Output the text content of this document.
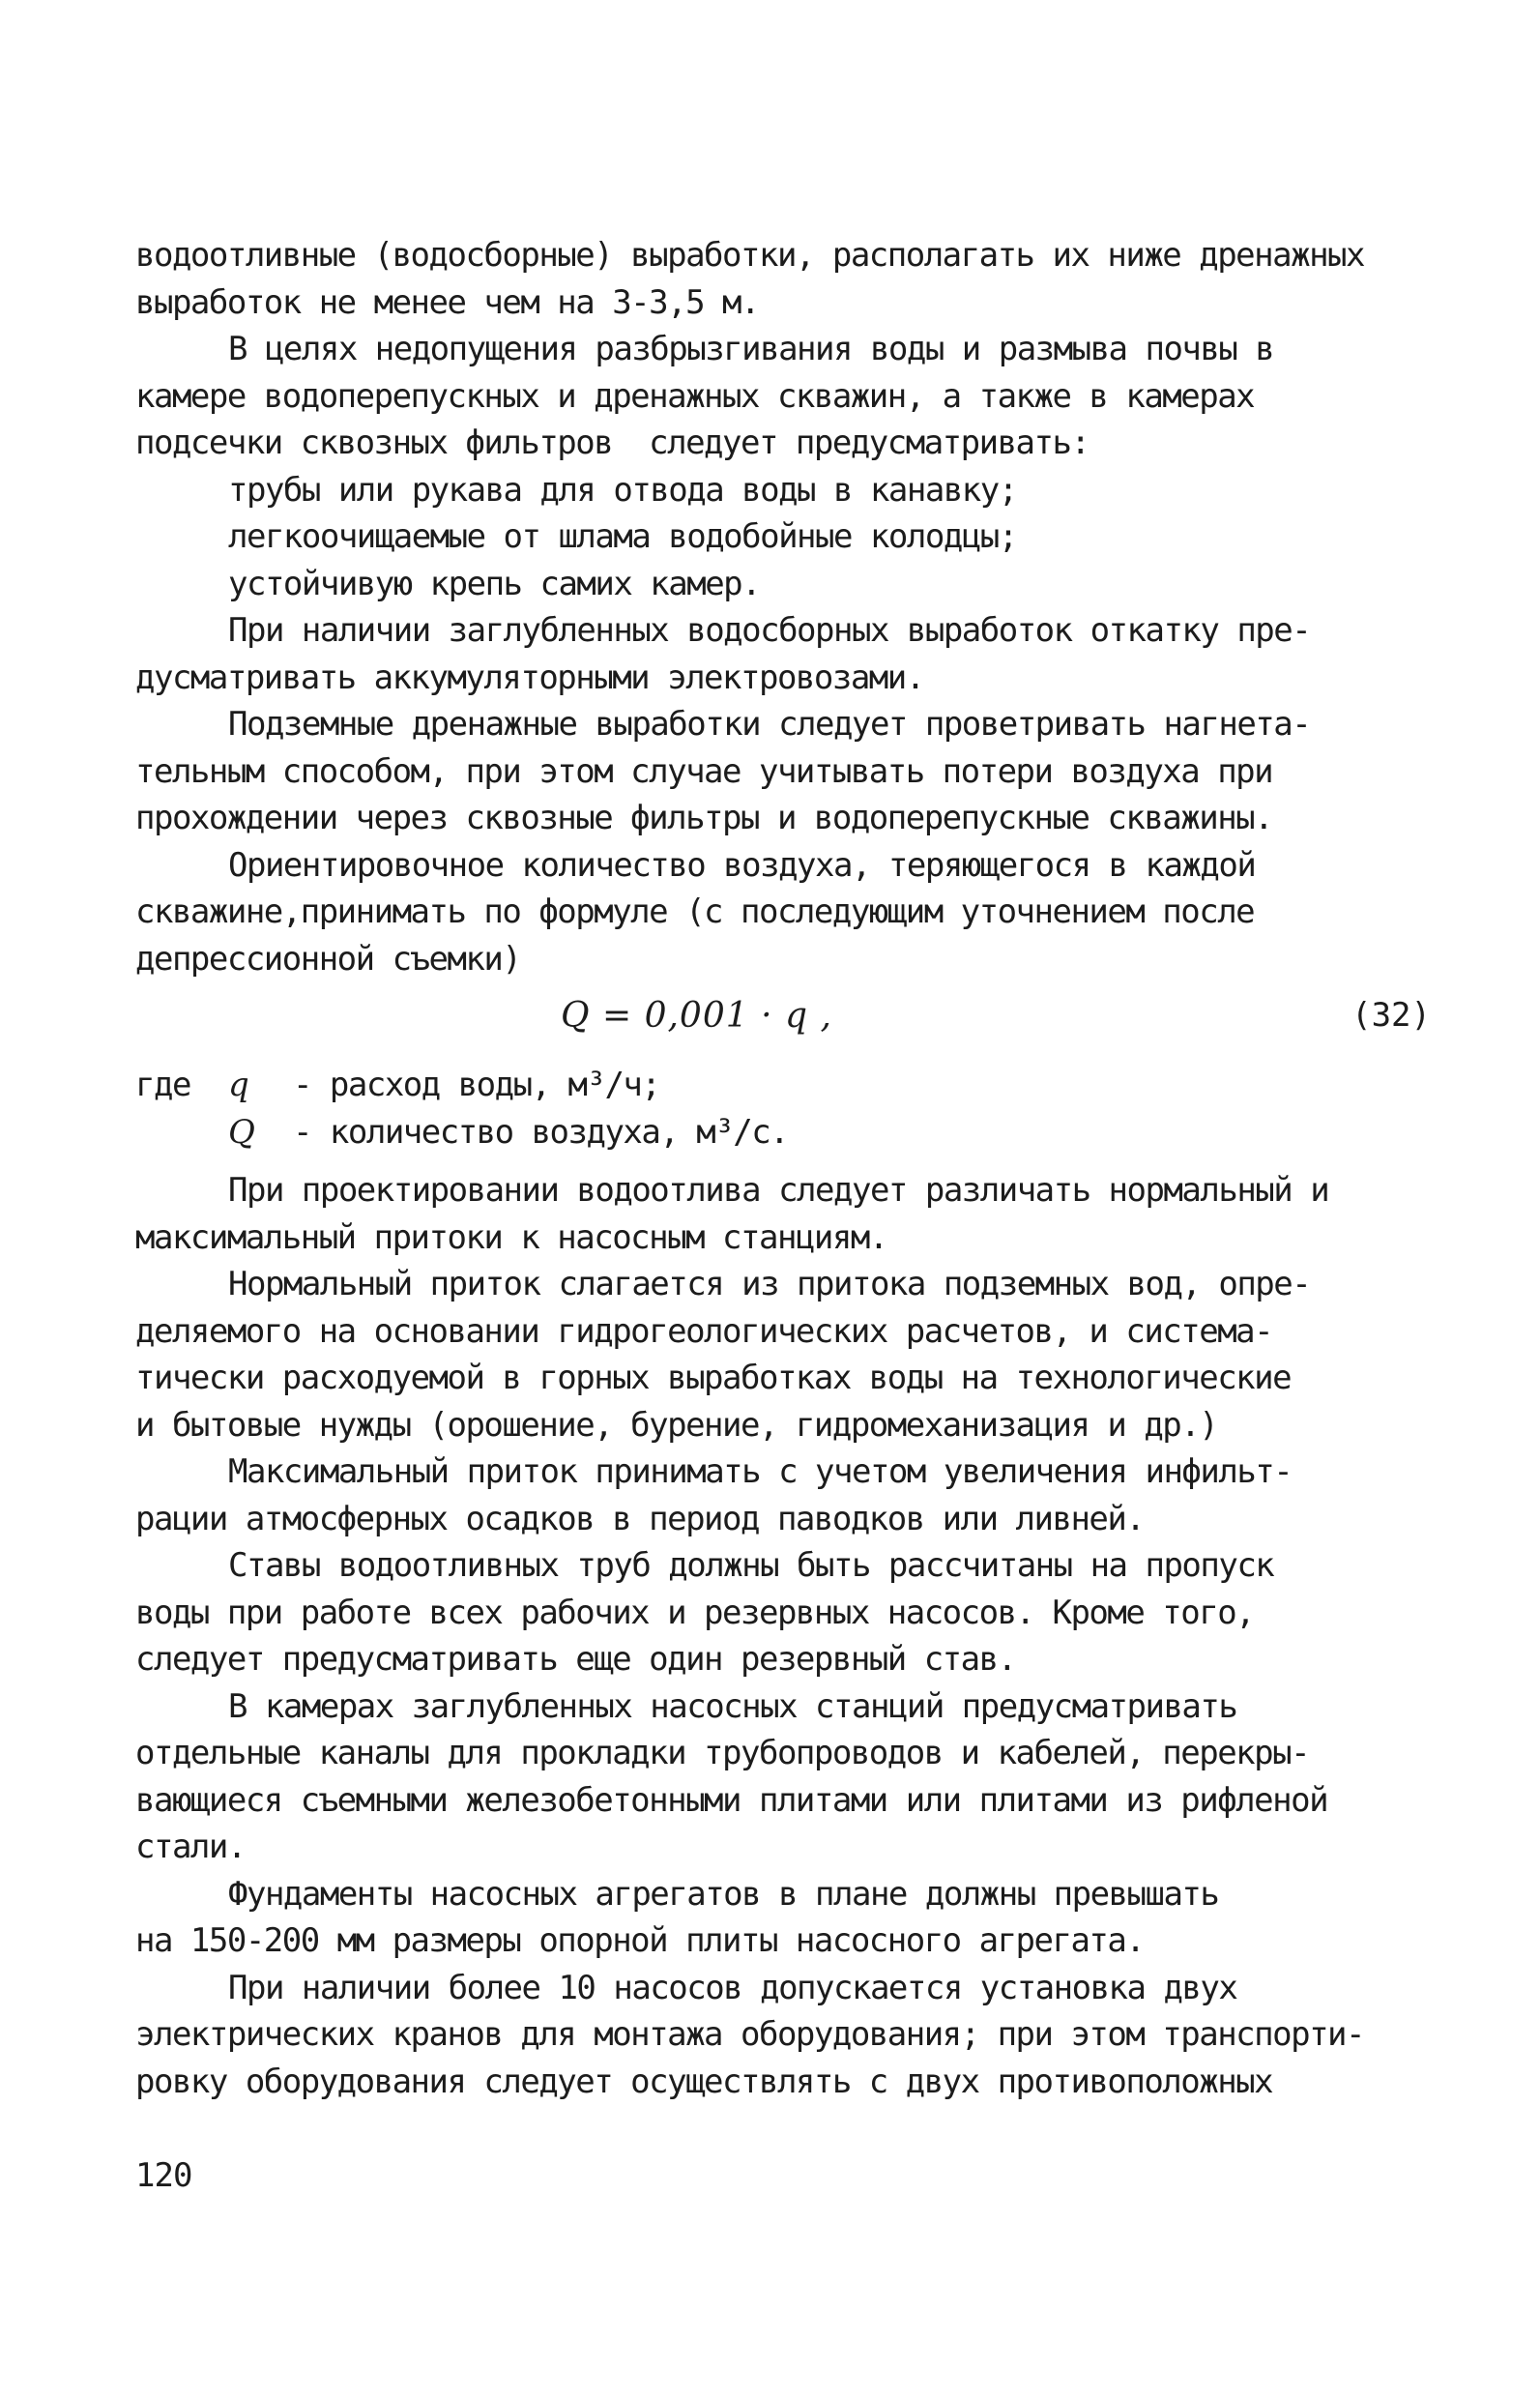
водоотливные (водосборные) выработки, располагать их ниже дренажных
выработок не менее чем на 3-3,5 м.
В целях недопущения разбрызгивания воды и размыва почвы в
камере водоперепускных и дренажных скважин, а также в камерах
подсечки сквозных фильтров  следует предусматривать:
трубы или рукава для отвода воды в канавку;
легкоочищаемые от шлама водобойные колодцы;
устойчивую крепь самих камер.
При наличии заглубленных водосборных выработок откатку пре-
дусматривать аккумуляторными электровозами.
Подземные дренажные выработки следует проветривать нагнета-
тельным способом, при этом случае учитывать потери воздуха при
прохождении через сквозные фильтры и водоперепускные скважины.
Ориентировочное количество воздуха, теряющегося в каждой
скважине,принимать по формуле (с последующим уточнением после
депрессионной съемки)
Q = 0,001 · q ,	(32)
где q - расход воды, м³/ч;
Q - количество воздуха, м³/с.
При проектировании водоотлива следует различать нормальный и
максимальный притоки к насосным станциям.
Нормальный приток слагается из притока подземных вод, опре-
деляемого на основании гидрогеологических расчетов, и система-
тически расходуемой в горных выработках воды на технологические
и бытовые нужды (орошение, бурение, гидромеханизация и др.)
Максимальный приток принимать с учетом увеличения инфильт-
рации атмосферных осадков в период паводков или ливней.
Ставы водоотливных труб должны быть рассчитаны на пропуск
воды при работе всех рабочих и резервных насосов. Кроме того,
следует предусматривать еще один резервный став.
В камерах заглубленных насосных станций предусматривать
отдельные каналы для прокладки трубопроводов и кабелей, перекры-
вающиеся съемными железобетонными плитами или плитами из рифленой
стали.
Фундаменты насосных агрегатов в плане должны превышать
на 150-200 мм размеры опорной плиты насосного агрегата.
При наличии более 10 насосов допускается установка двух
электрических кранов для монтажа оборудования; при этом транспорти-
ровку оборудования следует осуществлять с двух противоположных
120
